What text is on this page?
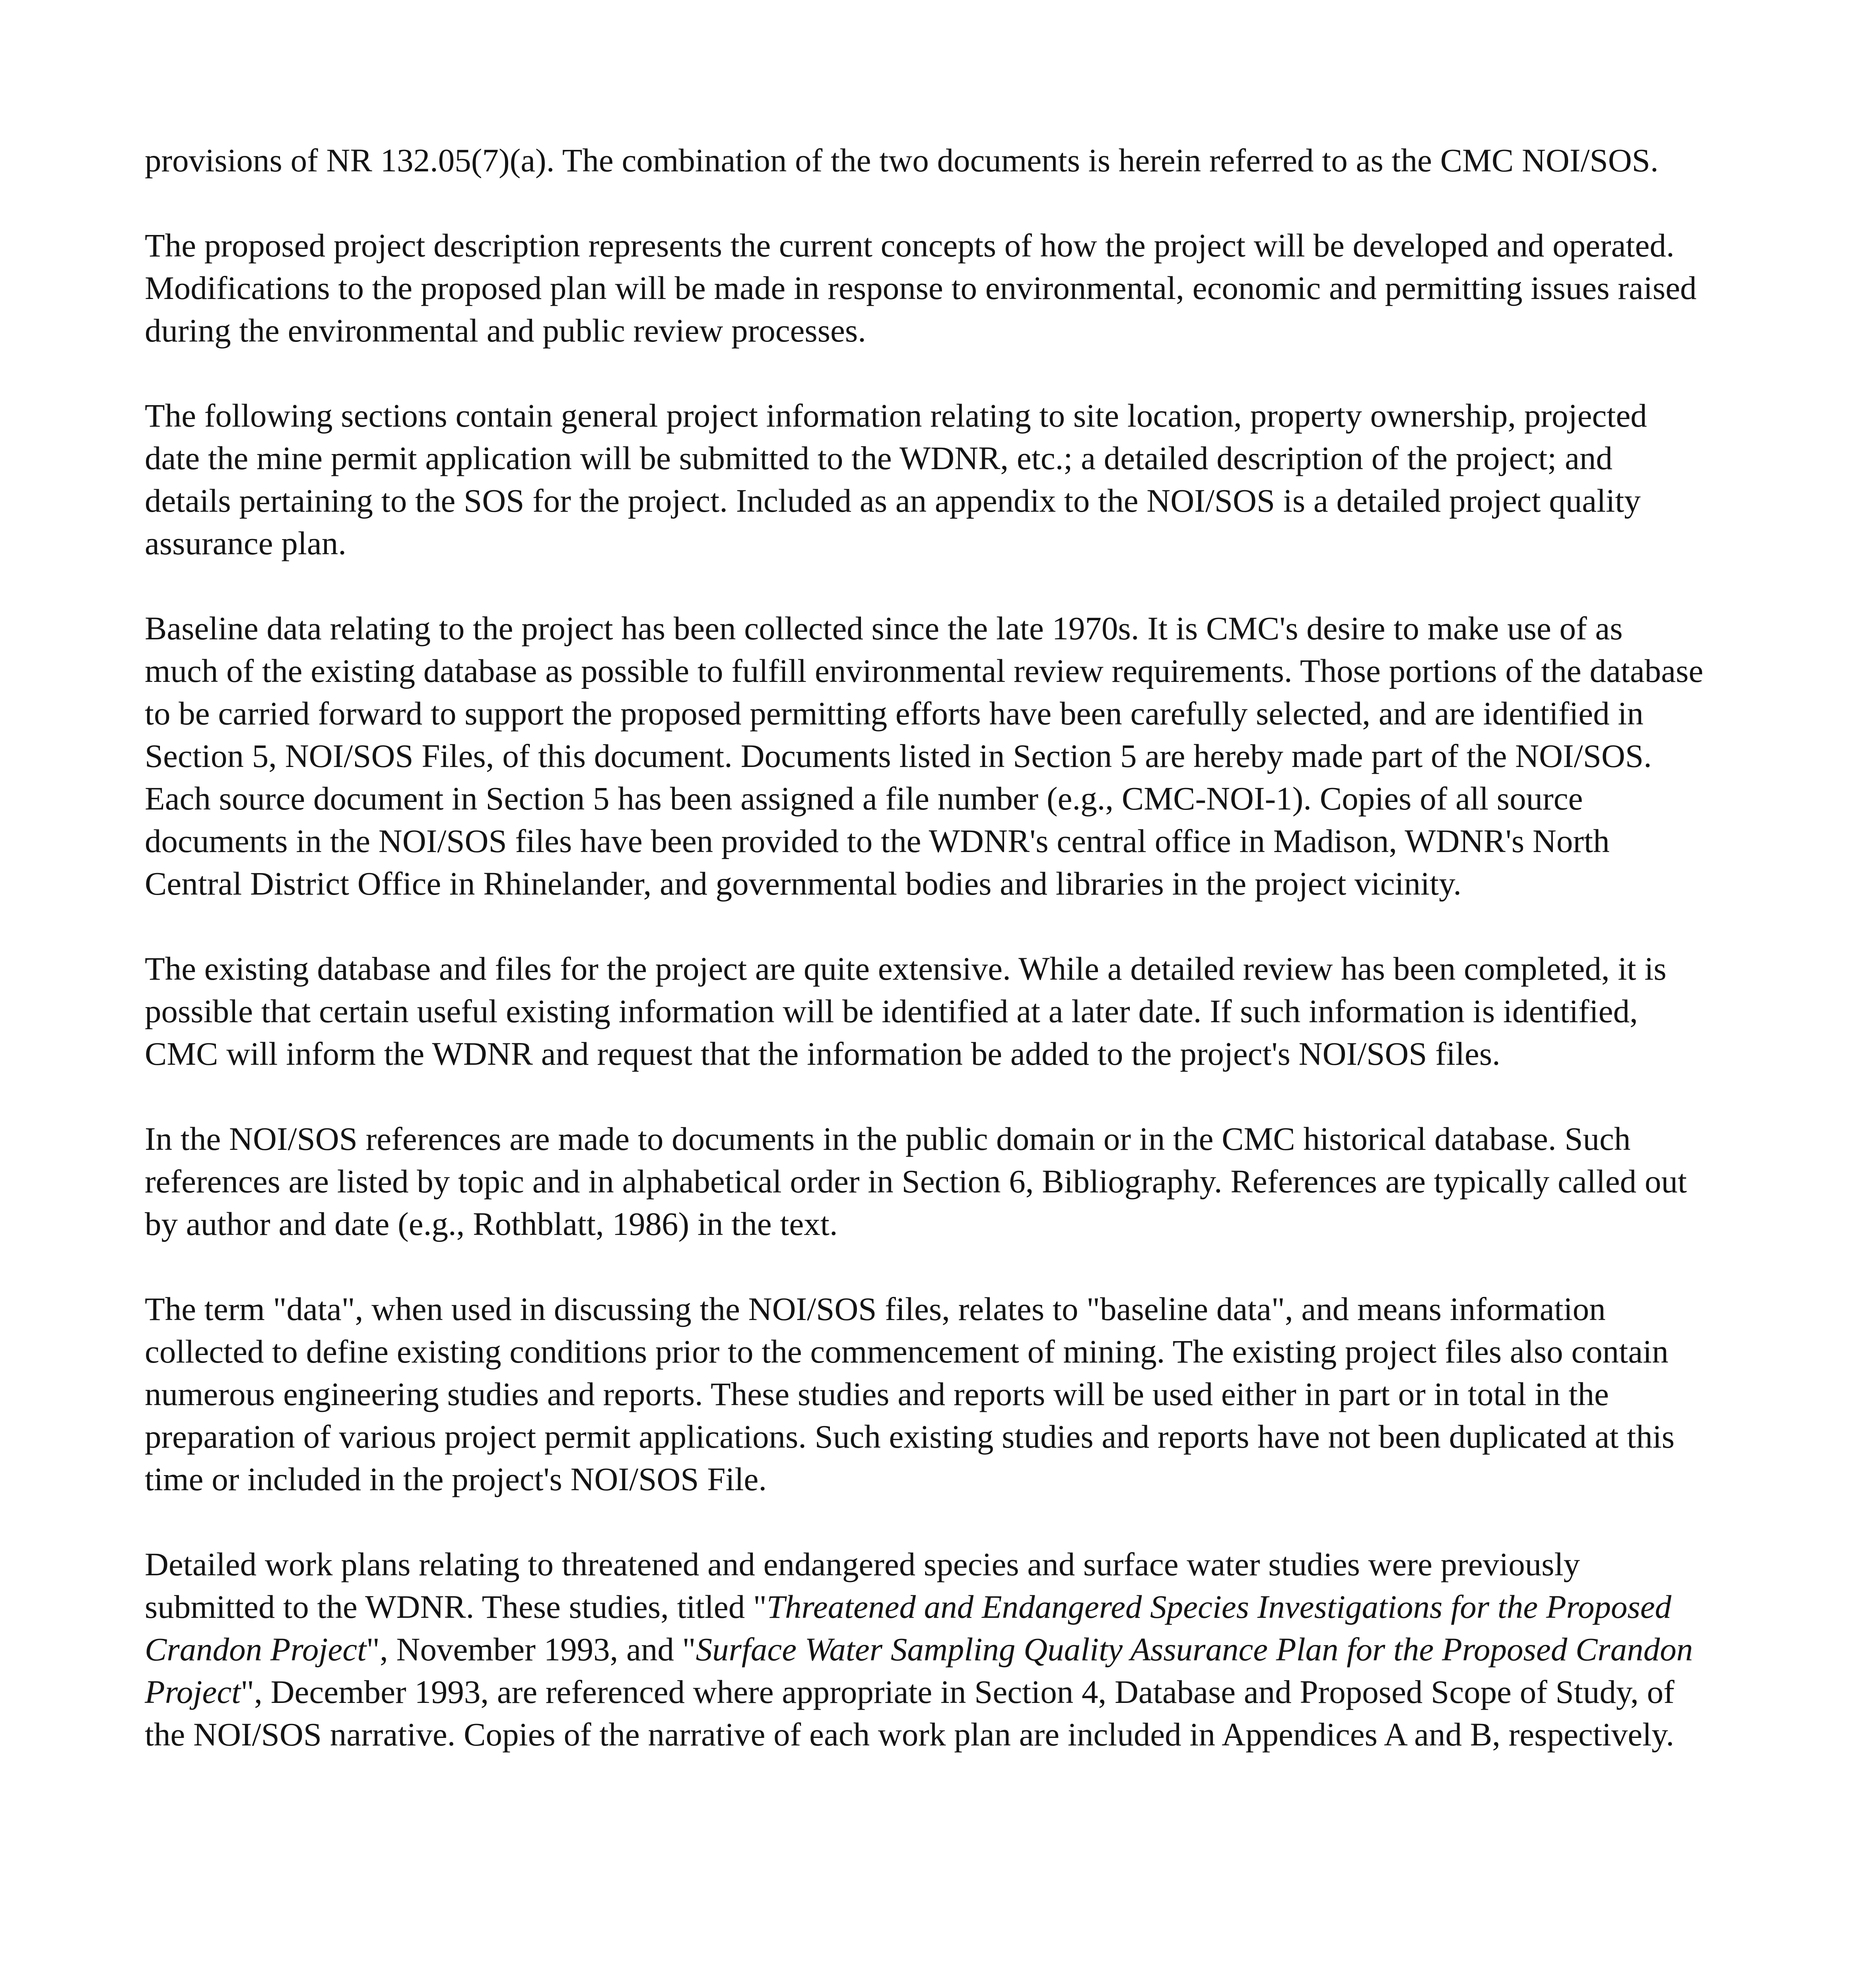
provisions of NR 132.05(7)(a). The combination of the two documents is herein referred to as the CMC NOI/SOS.

The proposed project description represents the current concepts of how the project will be developed and operated. Modifications to the proposed plan will be made in response to environmental, economic and permitting issues raised during the environmental and public review processes.

The following sections contain general project information relating to site location, property ownership, projected date the mine permit application will be submitted to the WDNR, etc.; a detailed description of the project; and details pertaining to the SOS for the project. Included as an appendix to the NOI/SOS is a detailed project quality assurance plan.

Baseline data relating to the project has been collected since the late 1970s. It is CMC's desire to make use of as much of the existing database as possible to fulfill environmental review requirements. Those portions of the database to be carried forward to support the proposed permitting efforts have been carefully selected, and are identified in Section 5, NOI/SOS Files, of this document. Documents listed in Section 5 are hereby made part of the NOI/SOS. Each source document in Section 5 has been assigned a file number (e.g., CMC-NOI-1). Copies of all source documents in the NOI/SOS files have been provided to the WDNR's central office in Madison, WDNR's North Central District Office in Rhinelander, and governmental bodies and libraries in the project vicinity.

The existing database and files for the project are quite extensive. While a detailed review has been completed, it is possible that certain useful existing information will be identified at a later date. If such information is identified, CMC will inform the WDNR and request that the information be added to the project's NOI/SOS files.

In the NOI/SOS references are made to documents in the public domain or in the CMC historical database. Such references are listed by topic and in alphabetical order in Section 6, Bibliography. References are typically called out by author and date (e.g., Rothblatt, 1986) in the text.

The term "data", when used in discussing the NOI/SOS files, relates to "baseline data", and means information collected to define existing conditions prior to the commencement of mining. The existing project files also contain numerous engineering studies and reports. These studies and reports will be used either in part or in total in the preparation of various project permit applications. Such existing studies and reports have not been duplicated at this time or included in the project's NOI/SOS File.

Detailed work plans relating to threatened and endangered species and surface water studies were previously submitted to the WDNR. These studies, titled "Threatened and Endangered Species Investigations for the Proposed Crandon Project", November 1993, and "Surface Water Sampling Quality Assurance Plan for the Proposed Crandon Project", December 1993, are referenced where appropriate in Section 4, Database and Proposed Scope of Study, of the NOI/SOS narrative. Copies of the narrative of each work plan are included in Appendices A and B, respectively.
